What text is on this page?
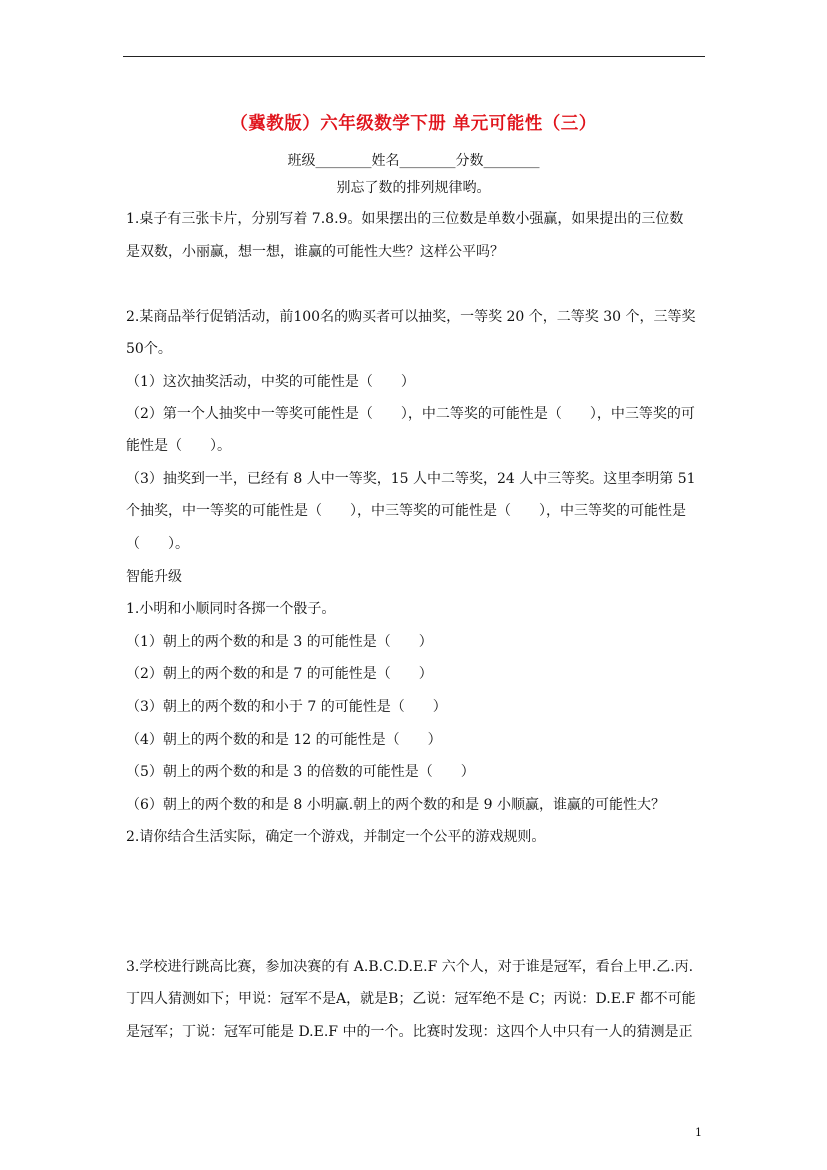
（冀教版）六年级数学下册 单元可能性（三）
班级________姓名________分数________
别忘了数的排列规律哟。
1.桌子有三张卡片，分别写着 7.8.9。如果摆出的三位数是单数小强赢，如果提出的三位数
是双数，小丽赢，想一想，谁赢的可能性大些？这样公平吗？
2.某商品举行促销活动，前100名的购买者可以抽奖，一等奖 20 个，二等奖 30 个，三等奖
50个。
（1）这次抽奖活动，中奖的可能性是（　　）
（2）第一个人抽奖中一等奖可能性是（　　），中二等奖的可能性是（　　），中三等奖的可
能性是（　　）。
（3）抽奖到一半，已经有 8 人中一等奖，15 人中二等奖，24 人中三等奖。这里李明第 51
个抽奖，中一等奖的可能性是（　　），中三等奖的可能性是（　　），中三等奖的可能性是
（　　）。
智能升级
1.小明和小顺同时各掷一个骰子。
（1）朝上的两个数的和是 3 的可能性是（　　）
（2）朝上的两个数的和是 7 的可能性是（　　）
（3）朝上的两个数的和小于 7 的可能性是（　　）
（4）朝上的两个数的和是 12 的可能性是（　　）
（5）朝上的两个数的和是 3 的倍数的可能性是（　　）
（6）朝上的两个数的和是 8 小明赢.朝上的两个数的和是 9 小顺赢，谁赢的可能性大？
2.请你结合生活实际，确定一个游戏，并制定一个公平的游戏规则。
3.学校进行跳高比赛，参加决赛的有 A.B.C.D.E.F 六个人，对于谁是冠军，看台上甲.乙.丙.
丁四人猜测如下；甲说：冠军不是A，就是B；乙说：冠军绝不是 C；丙说：D.E.F 都不可能
是冠军；丁说：冠军可能是 D.E.F 中的一个。比赛时发现：这四个人中只有一人的猜测是正
1
